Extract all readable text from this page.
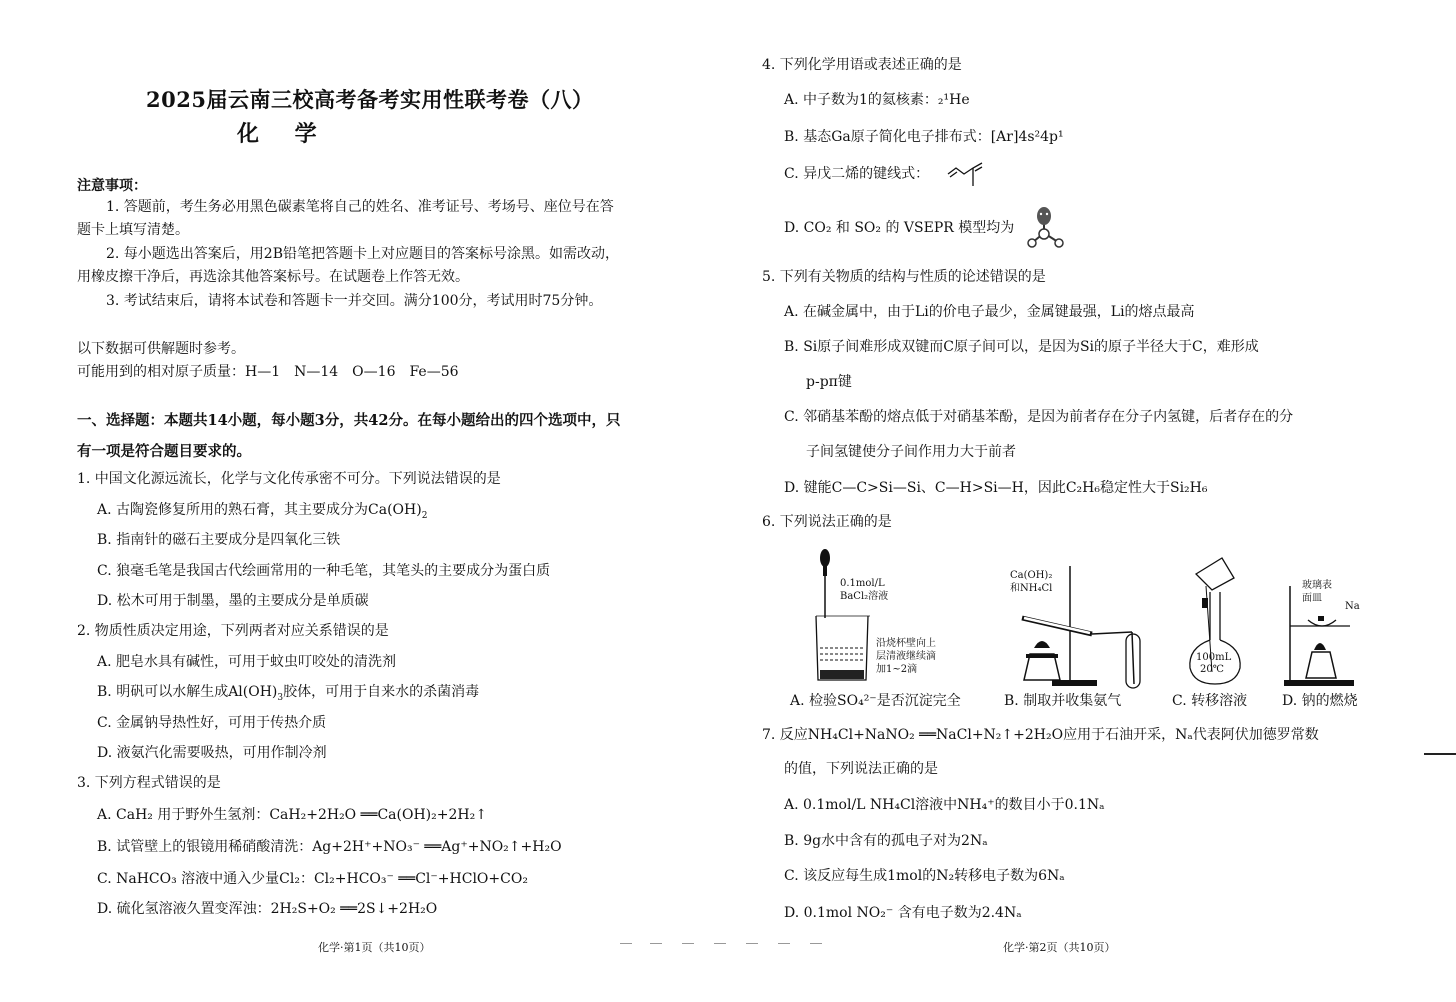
2025届云南三校高考备考实用性联考卷（八）
化 学
注意事项：
1. 答题前，考生务必用黑色碳素笔将自己的姓名、准考证号、考场号、座位号在答
题卡上填写清楚。
2. 每小题选出答案后，用2B铅笔把答题卡上对应题目的答案标号涂黑。如需改动，
用橡皮擦干净后，再选涂其他答案标号。在试题卷上作答无效。
3. 考试结束后，请将本试卷和答题卡一并交回。满分100分，考试用时75分钟。
以下数据可供解题时参考。
可能用到的相对原子质量：H—1　N—14　O—16　Fe—56
一、选择题：本题共14小题，每小题3分，共42分。在每小题给出的四个选项中，只
有一项是符合题目要求的。
1. 中国文化源远流长，化学与文化传承密不可分。下列说法错误的是
A. 古陶瓷修复所用的熟石膏，其主要成分为$Ca(OH)_2$
B. 指南针的磁石主要成分是四氧化三铁
C. 狼毫毛笔是我国古代绘画常用的一种毛笔，其笔头的主要成分为蛋白质
D. 松木可用于制墨，墨的主要成分是单质碳
2. 物质性质决定用途，下列两者对应关系错误的是
A. 肥皂水具有碱性，可用于蚊虫叮咬处的清洗剂
B. 明矾可以水解生成$Al(OH)_3$胶体，可用于自来水的杀菌消毒
C. 金属钠导热性好，可用于传热介质
D. 液氨汽化需要吸热，可用作制冷剂
3. 下列方程式错误的是
A. CaH₂ 用于野外生氢剂：CaH₂+2H₂O ══Ca(OH)₂+2H₂↑
B. 试管壁上的银镜用稀硝酸清洗：Ag+2H⁺+NO₃⁻ ══Ag⁺+NO₂↑+H₂O
C. NaHCO₃ 溶液中通入少量Cl₂：Cl₂+HCO₃⁻ ══Cl⁻+HClO+CO₂
D. 硫化氢溶液久置变浑浊：2H₂S+O₂ ══2S↓+2H₂O
化学·第1页（共10页）
4. 下列化学用语或表述正确的是
A. 中子数为1的氦核素：₂¹He
B. 基态Ga原子简化电子排布式：[Ar]4s²4p¹
C. 异戊二烯的键线式：
D. CO₂ 和 SO₂ 的 VSEPR 模型均为
5. 下列有关物质的结构与性质的论述错误的是
A. 在碱金属中，由于Li的价电子最少，金属键最强，Li的熔点最高
B. Si原子间难形成双键而C原子间可以，是因为Si的原子半径大于C，难形成
p-pπ键
C. 邻硝基苯酚的熔点低于对硝基苯酚，是因为前者存在分子内氢键，后者存在的分
子间氢键使分子间作用力大于前者
D. 键能C—C>Si—Si、C—H>Si—H，因此C₂H₆稳定性大于Si₂H₆
6. 下列说法正确的是
0.1mol/L
BaCl₂溶液
沿烧杯壁向上
层清液继续滴
加1~2滴
Ca(OH)₂
和NH₄Cl
100mL
20℃
玻璃表
面皿
Na
A. 检验SO₄²⁻是否沉淀完全	B. 制取并收集氨气	C. 转移溶液 D. 钠的燃烧
7. 反应NH₄Cl+NaNO₂ ══NaCl+N₂↑+2H₂O应用于石油开采，Nₐ代表阿伏加德罗常数
的值，下列说法正确的是
A. 0.1mol/L NH₄Cl溶液中NH₄⁺的数目小于0.1Nₐ
B. 9g水中含有的孤电子对为2Nₐ
C. 该反应每生成1mol的N₂转移电子数为6Nₐ
D. 0.1mol NO₂⁻ 含有电子数为2.4Nₐ
化学·第2页（共10页）
